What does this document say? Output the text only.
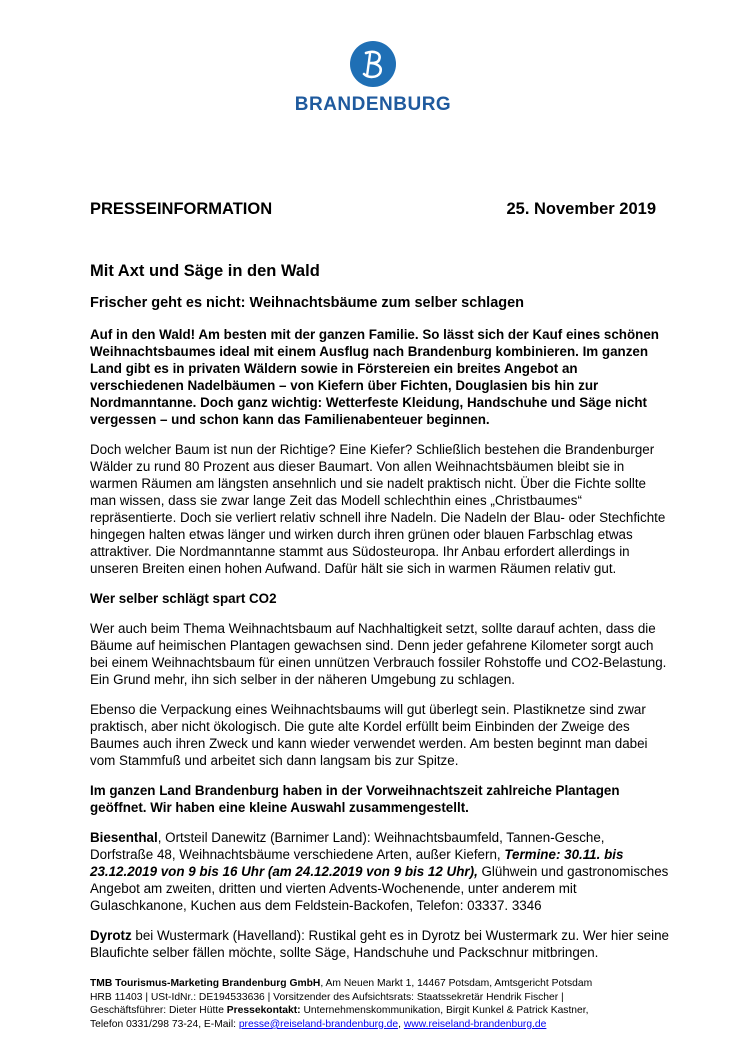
BRANDENBURG
PRESSEINFORMATION	25. November 2019
Mit Axt und Säge in den Wald
Frischer geht es nicht: Weihnachtsbäume zum selber schlagen

Auf in den Wald! Am besten mit der ganzen Familie. So lässt sich der Kauf eines schönen Weihnachtsbaumes ideal mit einem Ausflug nach Brandenburg kombinieren. Im ganzen Land gibt es in privaten Wäldern sowie in Förstereien ein breites Angebot an verschiedenen Nadelbäumen – von Kiefern über Fichten, Douglasien bis hin zur Nordmanntanne. Doch ganz wichtig: Wetterfeste Kleidung, Handschuhe und Säge nicht vergessen – und schon kann das Familienabenteuer beginnen.

Doch welcher Baum ist nun der Richtige? Eine Kiefer? Schließlich bestehen die Brandenburger Wälder zu rund 80 Prozent aus dieser Baumart. Von allen Weihnachtsbäumen bleibt sie in warmen Räumen am längsten ansehnlich und sie nadelt praktisch nicht. Über die Fichte sollte man wissen, dass sie zwar lange Zeit das Modell schlechthin eines „Christbaumes“ repräsentierte. Doch sie verliert relativ schnell ihre Nadeln. Die Nadeln der Blau- oder Stechfichte hingegen halten etwas länger und wirken durch ihren grünen oder blauen Farbschlag etwas attraktiver. Die Nordmanntanne stammt aus Südosteuropa. Ihr Anbau erfordert allerdings in unseren Breiten einen hohen Aufwand. Dafür hält sie sich in warmen Räumen relativ gut.

Wer selber schlägt spart CO2

Wer auch beim Thema Weihnachtsbaum auf Nachhaltigkeit setzt, sollte darauf achten, dass die Bäume auf heimischen Plantagen gewachsen sind. Denn jeder gefahrene Kilometer sorgt auch bei einem Weihnachtsbaum für einen unnützen Verbrauch fossiler Rohstoffe und CO2-Belastung. Ein Grund mehr, ihn sich selber in der näheren Umgebung zu schlagen.

Ebenso die Verpackung eines Weihnachtsbaums will gut überlegt sein. Plastiknetze sind zwar praktisch, aber nicht ökologisch. Die gute alte Kordel erfüllt beim Einbinden der Zweige des Baumes auch ihren Zweck und kann wieder verwendet werden. Am besten beginnt man dabei vom Stammfuß und arbeitet sich dann langsam bis zur Spitze.

Im ganzen Land Brandenburg haben in der Vorweihnachtszeit zahlreiche Plantagen geöffnet. Wir haben eine kleine Auswahl zusammengestellt.

Biesenthal, Ortsteil Danewitz (Barnimer Land): Weihnachtsbaumfeld, Tannen-Gesche, Dorfstraße 48, Weihnachtsbäume verschiedene Arten, außer Kiefern, Termine: 30.11. bis 23.12.2019 von 9 bis 16 Uhr (am 24.12.2019 von 9 bis 12 Uhr), Glühwein und gastronomisches Angebot am zweiten, dritten und vierten Advents-Wochenende, unter anderem mit Gulaschkanone, Kuchen aus dem Feldstein-Backofen, Telefon: 03337. 3346

Dyrotz bei Wustermark (Havelland): Rustikal geht es in Dyrotz bei Wustermark zu. Wer hier seine Blaufichte selber fällen möchte, sollte Säge, Handschuhe und Packschnur mitbringen.

TMB Tourismus-Marketing Brandenburg GmbH, Am Neuen Markt 1, 14467 Potsdam, Amtsgericht Potsdam
HRB 11403 | USt-IdNr.: DE194533636 | Vorsitzender des Aufsichtsrats: Staatssekretär Hendrik Fischer |
Geschäftsführer: Dieter Hütte Pressekontakt: Unternehmenskommunikation, Birgit Kunkel & Patrick Kastner,
Telefon 0331/298 73-24, E-Mail: presse@reiseland-brandenburg.de, www.reiseland-brandenburg.de
